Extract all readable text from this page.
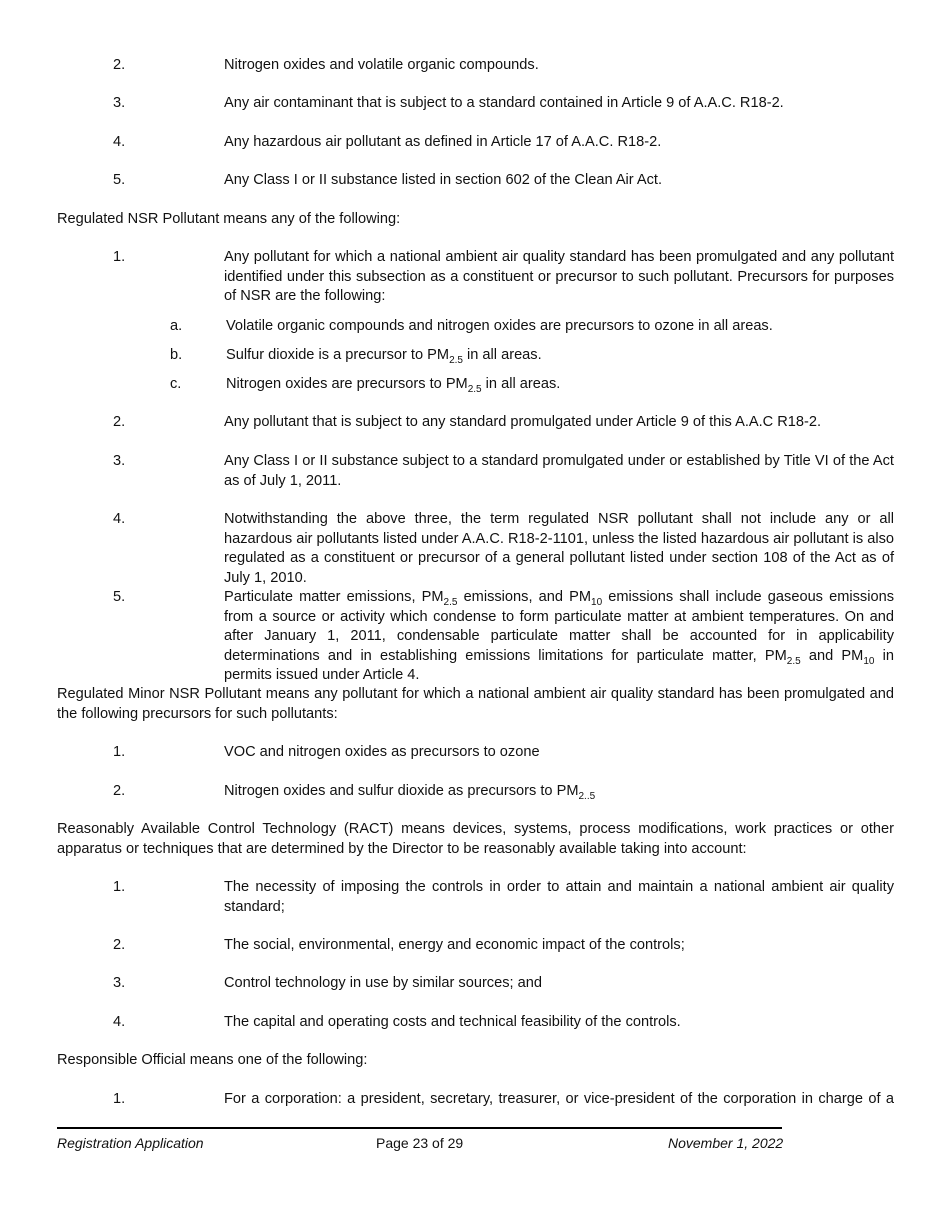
2.	Nitrogen oxides and volatile organic compounds.
3.	Any air contaminant that is subject to a standard contained in Article 9 of A.A.C. R18-2.
4.	Any hazardous air pollutant as defined in Article 17 of A.A.C. R18-2.
5.	Any Class I or II substance listed in section 602 of the Clean Air Act.
Regulated NSR Pollutant means any of the following:
1.	Any pollutant for which a national ambient air quality standard has been promulgated and any pollutant identified under this subsection as a constituent or precursor to such pollutant. Precursors for purposes of NSR are the following:
a.	Volatile organic compounds and nitrogen oxides are precursors to ozone in all areas.
b.	Sulfur dioxide is a precursor to $PM_{2.5}$ in all areas.
c.	Nitrogen oxides are precursors to $PM_{2.5}$ in all areas.
2.	Any pollutant that is subject to any standard promulgated under Article 9 of this A.A.C R18-2.
3.	Any Class I or II substance subject to a standard promulgated under or established by Title VI of the Act as of July 1, 2011.
4.	Notwithstanding the above three, the term regulated NSR pollutant shall not include any or all hazardous air pollutants listed under A.A.C. R18-2-1101, unless the listed hazardous air pollutant is also regulated as a constituent or precursor of a general pollutant listed under section 108 of the Act as of July 1, 2010.
5.	Particulate matter emissions, $PM_{2.5}$ emissions, and $PM_{10}$ emissions shall include gaseous emissions from a source or activity which condense to form particulate matter at ambient temperatures. On and after January 1, 2011, condensable particulate matter shall be accounted for in applicability determinations and in establishing emissions limitations for particulate matter, $PM_{2.5}$ and $PM_{10}$ in permits issued under Article 4.
Regulated Minor NSR Pollutant means any pollutant for which a national ambient air quality standard has been promulgated and the following precursors for such pollutants:
1.	VOC and nitrogen oxides as precursors to ozone
2.	Nitrogen oxides and sulfur dioxide as precursors to $PM_{2..5}$
Reasonably Available Control Technology (RACT) means devices, systems, process modifications, work practices or other apparatus or techniques that are determined by the Director to be reasonably available taking into account:
1.	The necessity of imposing the controls in order to attain and maintain a national ambient air quality standard;
2.	The social, environmental, energy and economic impact of the controls;
3.	Control technology in use by similar sources; and
4.	The capital and operating costs and technical feasibility of the controls.
Responsible Official means one of the following:
1.	For a corporation: a president, secretary, treasurer, or vice-president of the corporation in charge of a
Registration Application	Page 23 of 29	November 1, 2022
